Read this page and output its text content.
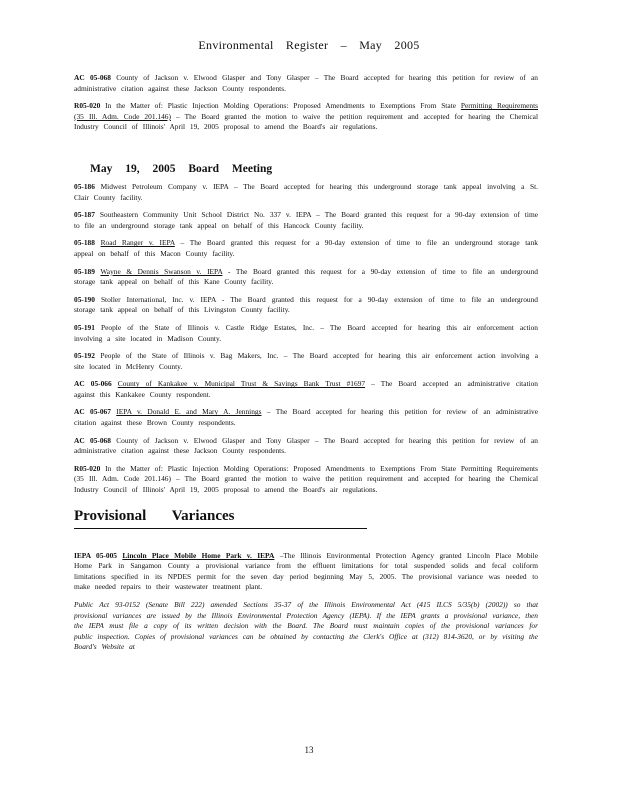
Environmental Register – May 2005

AC 05-068 County of Jackson v. Elwood Glasper and Tony Glasper – The Board accepted for hearing this petition for review of an administrative citation against these Jackson County respondents.

R05-020 In the Matter of: Plastic Injection Molding Operations: Proposed Amendments to Exemptions From State Permitting Requirements (35 Ill. Adm. Code 201.146) – The Board granted the motion to waive the petition requirement and accepted for hearing the Chemical Industry Council of Illinois' April 19, 2005 proposal to amend the Board's air regulations.

May 19, 2005 Board Meeting

05-186 Midwest Petroleum Company v. IEPA – The Board accepted for hearing this underground storage tank appeal involving a St. Clair County facility.

05-187 Southeastern Community Unit School District No. 337 v. IEPA – The Board granted this request for a 90-day extension of time to file an underground storage tank appeal on behalf of this Hancock County facility.

05-188 Road Ranger v. IEPA – The Board granted this request for a 90-day extension of time to file an underground storage tank appeal on behalf of this Macon County facility.

05-189 Wayne & Dennis Swanson v. IEPA - The Board granted this request for a 90-day extension of time to file an underground storage tank appeal on behalf of this Kane County facility.

05-190 Stoller International, Inc. v. IEPA - The Board granted this request for a 90-day extension of time to file an underground storage tank appeal on behalf of this Livingston County facility.

05-191 People of the State of Illinois v. Castle Ridge Estates, Inc. – The Board accepted for hearing this air enforcement action involving a site located in Madison County.

05-192 People of the State of Illinois v. Bag Makers, Inc. – The Board accepted for hearing this air enforcement action involving a site located in McHenry County.

AC 05-066 County of Kankakee v. Municipal Trust & Savings Bank Trust #1697 – The Board accepted an administrative citation against this Kankakee County respondent.

AC 05-067 IEPA v. Donald E. and Mary A. Jennings – The Board accepted for hearing this petition for review of an administrative citation against these Brown County respondents.

AC 05-068 County of Jackson v. Elwood Glasper and Tony Glasper – The Board accepted for hearing this petition for review of an administrative citation against these Jackson County respondents.

R05-020 In the Matter of: Plastic Injection Molding Operations: Proposed Amendments to Exemptions From State Permitting Requirements (35 Ill. Adm. Code 201.146) – The Board granted the motion to waive the petition requirement and accepted for hearing the Chemical Industry Council of Illinois' April 19, 2005 proposal to amend the Board's air regulations.

Provisional Variances

IEPA 05-005 Lincoln Place Mobile Home Park v. IEPA –The Illinois Environmental Protection Agency granted Lincoln Place Mobile Home Park in Sangamon County a provisional variance from the effluent limitations for total suspended solids and fecal coliform limitations specified in its NPDES permit for the seven day period beginning May 5, 2005. The provisional variance was needed to make needed repairs to their wastewater treatment plant.

Public Act 93-0152 (Senate Bill 222) amended Sections 35-37 of the Illinois Environmental Act (415 ILCS 5/35(b) (2002)) so that provisional variances are issued by the Illinois Environmental Protection Agency (IEPA). If the IEPA grants a provisional variance, then the IEPA must file a copy of its written decision with the Board. The Board must maintain copies of the provisional variances for public inspection. Copies of provisional variances can be obtained by contacting the Clerk's Office at (312) 814-3620, or by visiting the Board's Website at

13
